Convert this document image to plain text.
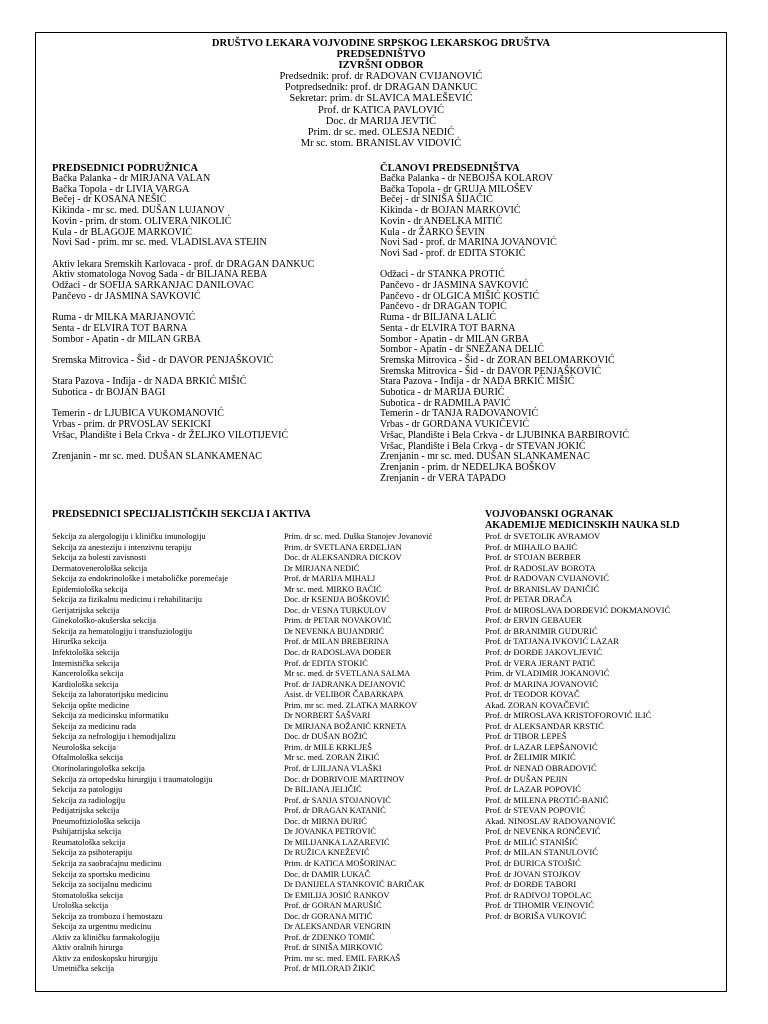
DRUŠTVO LEKARA VOJVODINE SRPSKOG LEKARSKOG DRUŠTVA
PREDSEDNIŠTVO
IZVRŠNI ODBOR
Predsednik: prof. dr RADOVAN CVIJANOVIĆ
Potpredsednik: prof. dr DRAGAN DANKUC
Sekretar: prim. dr SLAVICA MALEŠEVIĆ
Prof. dr KATICA PAVLOVIĆ
Doc. dr MARIJA JEVTIĆ
Prim. dr sc. med. OLESJA NEDIĆ
Mr sc. stom. BRANISLAV VIDOVIĆ
PREDSEDNICI PODRUŽNICA
Bačka Palanka - dr MIRJANA VALAN
Bačka Topola - dr LIVIA VARGA
Bečej - dr KOSANA NEŠIĆ
Kikinda - mr sc. med. DUŠAN LUJANOV
Kovin - prim. dr stom. OLIVERA NIKOLIĆ
Kula - dr BLAGOJE MARKOVIĆ
Novi Sad - prim. mr sc. med. VLADISLAVA STEJIN
Aktiv lekara Sremskih Karlovaca - prof. dr DRAGAN DANKUC
Aktiv stomatologa Novog Sada - dr BILJANA REBA
Odžaci - dr SOFIJA SARKANJAC DANILOVAC
Pančevo - dr JASMINA SAVKOVIĆ
Ruma - dr MILKA MARJANOVIĆ
Senta - dr ELVIRA TOT BARNA
Sombor - Apatin - dr MILAN GRBA
Sremska Mitrovica - Šid - dr DAVOR PENJAŠKOVIĆ
Stara Pazova - Inđija - dr NADA BRKIĆ MIŠIĆ
Subotica - dr BOJAN BAGI
Temerin - dr LJUBICA VUKOMANOVIĆ
Vrbas - prim. dr PRVOSLAV SEKICKI
Vršac, Plandište i Bela Crkva - dr ŽELJKO VILOTIJEVIĆ
Zrenjanin - mr sc. med. DUŠAN SLANKAMENAC
ČLANOVI PREDSEDNIŠTVA
Bačka Palanka - dr NEBOJŠA KOLAROV
Bačka Topola - dr GRUJA MILOŠEV
Bečej - dr SINIŠA ŠIJAČIĆ
Kikinda - dr BOJAN MARKOVIĆ
Kovin - dr ANĐELKA MITIĆ
Kula - dr ŽARKO ŠEVIN
Novi Sad - prof. dr MARINA JOVANOVIĆ
Novi Sad - prof. dr EDITA STOKIĆ
Odžaci - dr STANKA PROTIĆ
Pančevo - dr JASMINA SAVKOVIĆ
Pančevo - dr OLGICA MIŠIĆ KOSTIĆ
Pančevo - dr DRAGAN TOPIĆ
Ruma - dr BILJANA LALIĆ
Senta - dr ELVIRA TOT BARNA
Sombor - Apatin - dr MILAN GRBA
Sombor - Apatin - dr SNEŽANA DELIĆ
Sremska Mitrovica - Šid - dr ZORAN BELOMARKOVIĆ
Sremska Mitrovica - Šid - dr DAVOR PENJAŠKOVIĆ
Stara Pazova - Inđija - dr NADA BRKIĆ MIŠIĆ
Subotica - dr MARIJA ĐURIĆ
Subotica - dr RADMILA PAVIĆ
Temerin - dr TANJA RADOVANOVIĆ
Vrbas - dr GORDANA VUKIČEVIĆ
Vršac, Plandište i Bela Crkva - dr LJUBINKA BARBIROVIĆ
Vršac, Plandište i Bela Crkva - dr STEVAN JOKIĆ
Zrenjanin - mr sc. med. DUŠAN SLANKAMENAC
Zrenjanin - prim. dr NEDELJKA BOŠKOV
Zrenjanin - dr VERA TAPADO
PREDSEDNICI SPECIJALISTIČKIH SEKCIJA I AKTIVA
Sekcija za alergologiju i kliničku imunologiju	Prim. dr sc. med. Duška Stanojev Jovanović
Sekcija za anesteziju i intenzivnu terapiju	Prim. dr SVETLANA ERDELJAN
Sekcija za bolesti zavisnosti	Doc. dr ALEKSANDRA DICKOV
Dermatovenerološka sekcija	Dr MIRJANA NEDIĆ
Sekcija za endokrinološke i metaboličke poremećaje	Prof. dr MARIJA MIHALJ
Epidemiološka sekcija	Mr sc. med. MIRKO BAĆIĆ
Sekcija za fizikalnu medicinu i rehabilitaciju	Doc. dr KSENIJA BOŠKOVIĆ
Gerijatrijska sekcija	Doc. dr VESNA TURKULOV
Ginekološko-akušerska sekcija	Prim. dr PETAR NOVAKOVIĆ
Sekcija za hematologiju i transfuziologiju	Dr NEVENKA BUJANDRIĆ
Hirurška sekcija	Prof. dr MILAN BREBERINA
Infektološka sekcija	Doc. dr RADOSLAVA DOĐER
Internistička sekcija	Prof. dr EDITA STOKIĆ
Kancerološka sekcija	Mr sc. med. dr SVETLANA SALMA
Kardiološka sekcija	Prof. dr JADRANKA DEJANOVIĆ
Sekcija za laboratorijsku medicinu	Asist. dr VELIBOR ČABARKAPA
Sekcija opšte medicine	Prim. mr sc. med. ZLATKA MARKOV
Sekcija za medicinsku informatiku	Dr NORBERT ŠAŠVARI
Sekcija za medicinu rada	Dr MIRJANA BOŽANIĆ KRNETA
Sekcija za nefrologiju i hemodijalizu	Doc. dr DUŠAN BOŽIĆ
Neurološka sekcija	Prim. dr MILE KRKLJEŠ
Oftalmološka sekcija	Mr sc. med. ZORAN ŽIKIĆ
Otorinolaringološka sekcija	Prof. dr LJILJANA VLAŠKI
Sekcija za ortopedsku hirurgiju i traumatologiju	Doc. dr DOBRIVOJE MARTINOV
Sekcija za patologiju	Dr BILJANA JELIČIĆ
Sekcija za radiologiju	Prof. dr SANJA STOJANOVIĆ
Pedijatrijska sekcija	Prof. dr DRAGAN KATANIĆ
Pneumoftiziološka sekcija	Doc. dr MIRNA ĐURIĆ
Psihijatrijska sekcija	Dr JOVANKA PETROVIĆ
Reumatološka sekcija	Dr MILIJANKA LAZAREVIĆ
Sekcija za psihoterapiju	Dr RUŽICA KNEŽEVIĆ
Sekcija za saobraćajnu medicinu	Prim. dr KATICA MOŠORINAC
Sekcija za sportsku medicinu	Doc. dr DAMIR LUKAČ
Sekcija za socijalnu medicinu	Dr DANIJELA STANKOVIĆ BARIČAK
Stomatološka sekcija	Dr EMILIJA JOSIĆ RANKOV
Urološka sekcija	Prof. dr GORAN MARUŠIĆ
Sekcija za trombozu i hemostazu	Doc. dr GORANA MITIĆ
Sekcija za urgentnu medicinu	Dr ALEKSANDAR VENGRIN
Aktiv za kliničku farmakologiju	Prof. dr ZDENKO TOMIĆ
Aktiv oralnih hirurga	Prof. dr SINIŠA MIRKOVIĆ
Aktiv za endoskopsku hirurgiju	Prim. mr sc. med. EMIL FARKAŠ
Umetnička sekcija	Prof. dr MILORAD ŽIKIĆ
VOJVOĐANSKI OGRANAK
AKADEMIJE MEDICINSKIH NAUKA SLD
Prof. dr SVETOLIK AVRAMOV
Prof. dr MIHAJLO BAJIĆ
Prof. dr STOJAN BERBER
Prof. dr RADOSLAV BOROTA
Prof. dr RADOVAN CVIJANOVIĆ
Prof. dr BRANISLAV DANIČIĆ
Prof. dr PETAR DRAČA
Prof. dr MIROSLAVA ĐORĐEVIĆ DOKMANOVIĆ
Prof. dr ERVIN GEBAUER
Prof. dr BRANIMIR GUDURIĆ
Prof. dr TATJANA IVKOVIĆ LAZAR
Prof. dr ĐORĐE JAKOVLJEVIĆ
Prof. dr VERA JERANT PATIĆ
Prim. dr VLADIMIR JOKANOVIĆ
Prof. dr MARINA JOVANOVIĆ
Prof. dr TEODOR KOVAČ
Akad. ZORAN KOVAČEVIĆ
Prof. dr MIROSLAVA KRISTOFOROVIĆ ILIĆ
Prof. dr ALEKSANDAR KRSTIĆ
Prof. dr TIBOR LEPEŠ
Prof. dr LAZAR LEPŠANOVIĆ
Prof. dr ŽELIMIR MIKIĆ
Prof. dr NENAD OBRADOVIĆ
Prof. dr DUŠAN PEJIN
Prof. dr LAZAR POPOVIĆ
Prof. dr MILENA PROTIĆ-BANIĆ
Prof. dr STEVAN POPOVIĆ
Akad. NINOSLAV RADOVANOVIĆ
Prof. dr NEVENKA RONČEVIĆ
Prof. dr MILIĆ STANIŠIĆ
Prof. dr MILAN STANULOVIĆ
Prof. dr ĐURICA STOJŠIĆ
Prof. dr JOVAN STOJKOV
Prof. dr ĐORĐE TABORI
Prof. dr RADIVOJ TOPOLAC
Prof. dr TIHOMIR VEJNOVIĆ
Prof. dr BORIŠA VUKOVIĆ
